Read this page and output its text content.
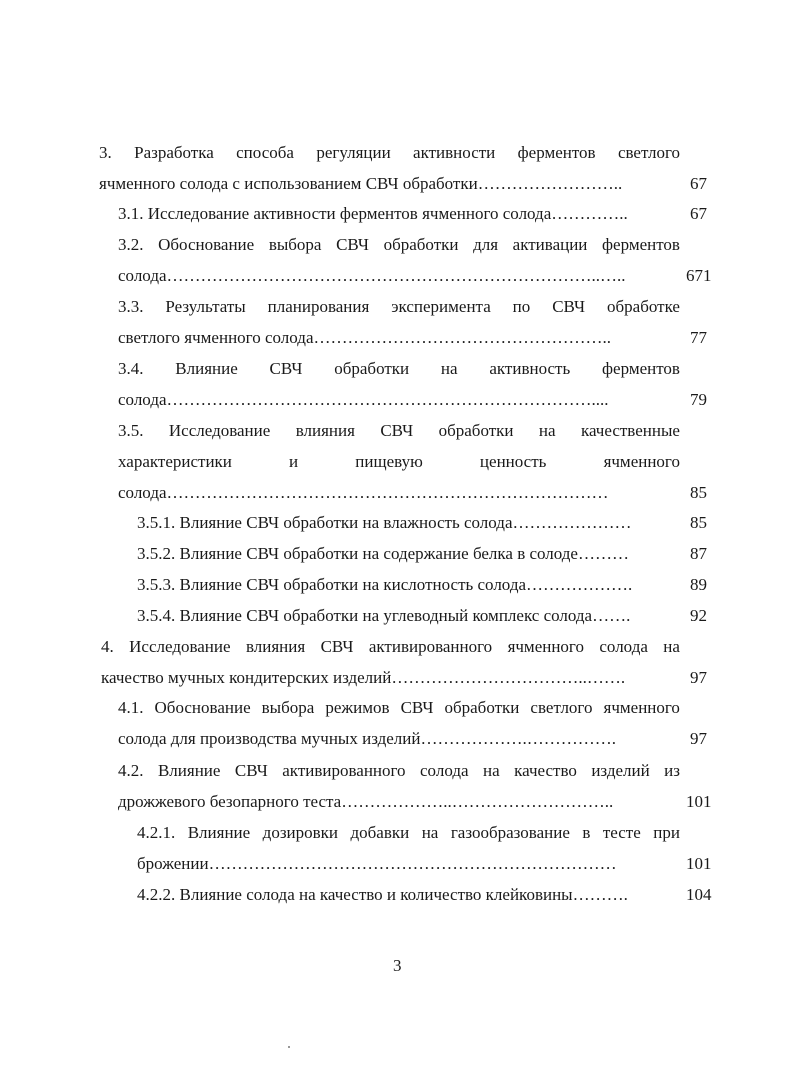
3. Разработка способа регуляции активности ферментов светлого
ячменного солода с использованием СВЧ обработки……………………..	67
3.1. Исследование активности ферментов ячменного солода…………..	67
3.2. Обоснование выбора СВЧ обработки для активации ферментов
солода…………………………………………………………………..…..	671
3.3. Результаты планирования эксперимента по СВЧ обработке
светлого ячменного солода……………………………………………..	77
3.4. Влияние СВЧ обработки на активность ферментов
солода…………………………………………………………………....	79
3.5. Исследование влияния СВЧ обработки на качественные
характеристики	и	пищевую	ценность	ячменного
солода……………………………………………………………………	85
3.5.1. Влияние СВЧ обработки на влажность солода…………………	85
3.5.2. Влияние СВЧ обработки на содержание белка в солоде………	87
3.5.3. Влияние СВЧ обработки на кислотность солода……………….	89
3.5.4. Влияние СВЧ обработки на углеводный комплекс солода…….	92
4. Исследование влияния СВЧ активированного ячменного солода на
качество мучных кондитерских изделий……………………………..…….	97
4.1. Обоснование выбора режимов СВЧ обработки светлого ячменного
солода для производства мучных изделий……………….…………….	97
4.2. Влияние СВЧ активированного солода на качество изделий из
дрожжевого безопарного теста………………..………………………..	101
4.2.1. Влияние дозировки добавки на газообразование в тесте при
брожении………………………………………………………………	101
4.2.2. Влияние солода на качество и количество клейковины……….	104
3
